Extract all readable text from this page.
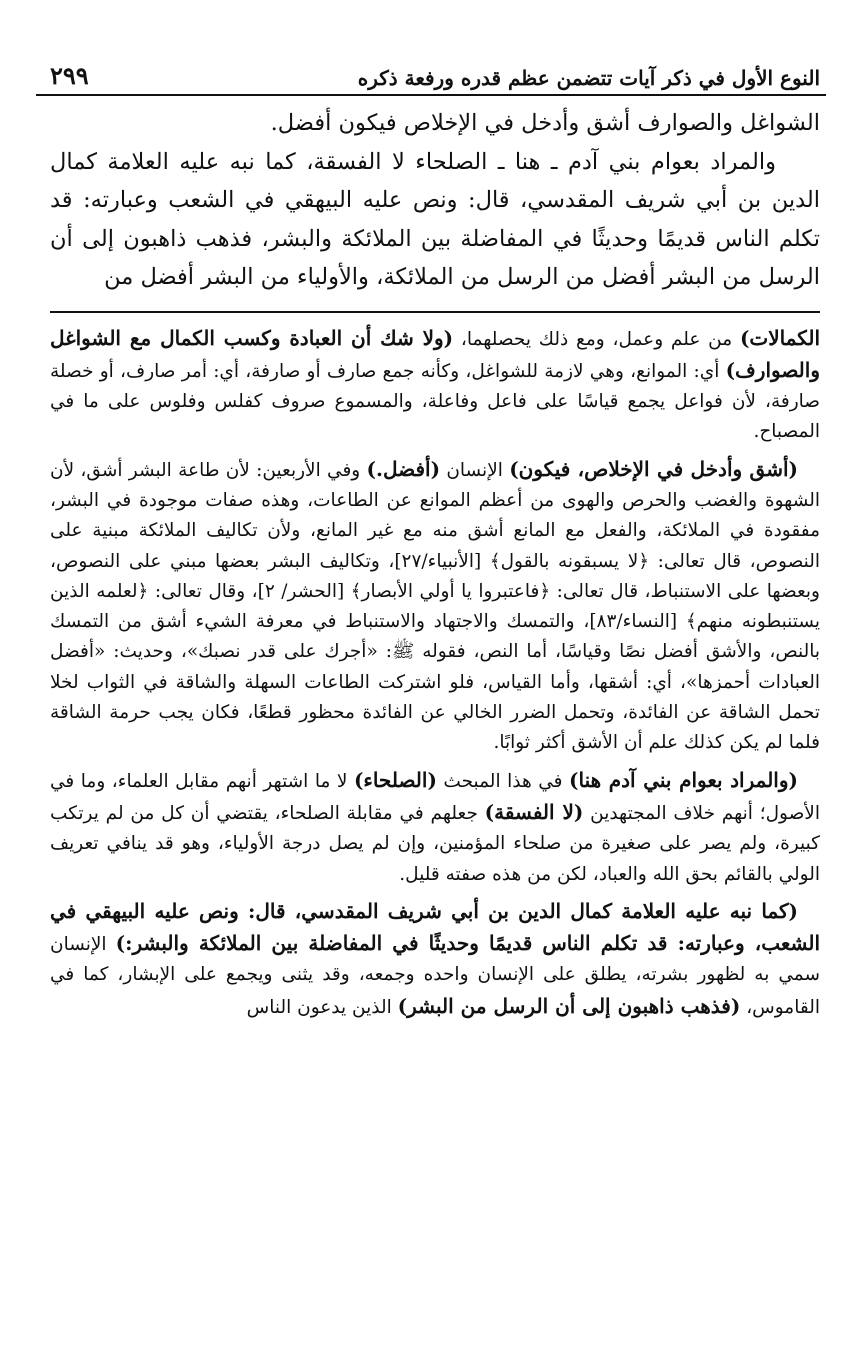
النوع الأول في ذكر آيات تتضمن عظم قدره ورفعة ذكره
٢٩٩

الشواغل والصوارف أشق وأدخل في الإخلاص فيكون أفضل.

والمراد بعوام بني آدم ـ هنا ـ الصلحاء لا الفسقة، كما نبه عليه العلامة كمال الدين بن أبي شريف المقدسي، قال: ونص عليه البيهقي في الشعب وعبارته: قد تكلم الناس قديمًا وحديثًا في المفاضلة بين الملائكة والبشر، فذهب ذاهبون إلى أن الرسل من البشر أفضل من الرسل من الملائكة، والأولياء من البشر أفضل من

الكمالات) من علم وعمل، ومع ذلك يحصلهما، (ولا شك أن العبادة وكسب الكمال مع الشواغل والصوارف) أي: الموانع، وهي لازمة للشواغل، وكأنه جمع صارف أو صارفة، أي: أمر صارف، أو خصلة صارفة، لأن فواعل يجمع قياسًا على فاعل وفاعلة، والمسموع صروف كفلس وفلوس على ما في المصباح.

(أشق وأدخل في الإخلاص، فيكون) الإنسان (أفضل.) وفي الأربعين: لأن طاعة البشر أشق، لأن الشهوة والغضب والحرص والهوى من أعظم الموانع عن الطاعات، وهذه صفات موجودة في البشر، مفقودة في الملائكة، والفعل مع المانع أشق منه مع غير المانع، ولأن تكاليف الملائكة مبنية على النصوص، قال تعالى: ﴿لا يسبقونه بالقول﴾ [الأنبياء/٢٧]، وتكاليف البشر بعضها مبني على النصوص، وبعضها على الاستنباط، قال تعالى: ﴿فاعتبروا يا أولي الأبصار﴾ [الحشر/ ٢]، وقال تعالى: ﴿لعلمه الذين يستنبطونه منهم﴾ [النساء/٨٣]، والتمسك والاجتهاد والاستنباط في معرفة الشيء أشق من التمسك بالنص، والأشق أفضل نصًا وقياسًا، أما النص، فقوله ﷺ: «أجرك على قدر نصبك»، وحديث: «أفضل العبادات أحمزها»، أي: أشقها، وأما القياس، فلو اشتركت الطاعات السهلة والشاقة في الثواب لخلا تحمل الشاقة عن الفائدة، وتحمل الضرر الخالي عن الفائدة محظور قطعًا، فكان يجب حرمة الشاقة فلما لم يكن كذلك علم أن الأشق أكثر ثوابًا.

(والمراد بعوام بني آدم هنا) في هذا المبحث (الصلحاء) لا ما اشتهر أنهم مقابل العلماء، وما في الأصول؛ أنهم خلاف المجتهدين (لا الفسقة) جعلهم في مقابلة الصلحاء، يقتضي أن كل من لم يرتكب كبيرة، ولم يصر على صغيرة من صلحاء المؤمنين، وإن لم يصل درجة الأولياء، وهو قد ينافي تعريف الولي بالقائم بحق الله والعباد، لكن من هذه صفته قليل.

(كما نبه عليه العلامة كمال الدين بن أبي شريف المقدسي، قال: ونص عليه البيهقي في الشعب، وعبارته: قد تكلم الناس قديمًا وحديثًا في المفاضلة بين الملائكة والبشر:) الإنسان سمي به لظهور بشرته، يطلق على الإنسان واحده وجمعه، وقد يثنى ويجمع على الإبشار، كما في القاموس، (فذهب ذاهبون إلى أن الرسل من البشر) الذين يدعون الناس
